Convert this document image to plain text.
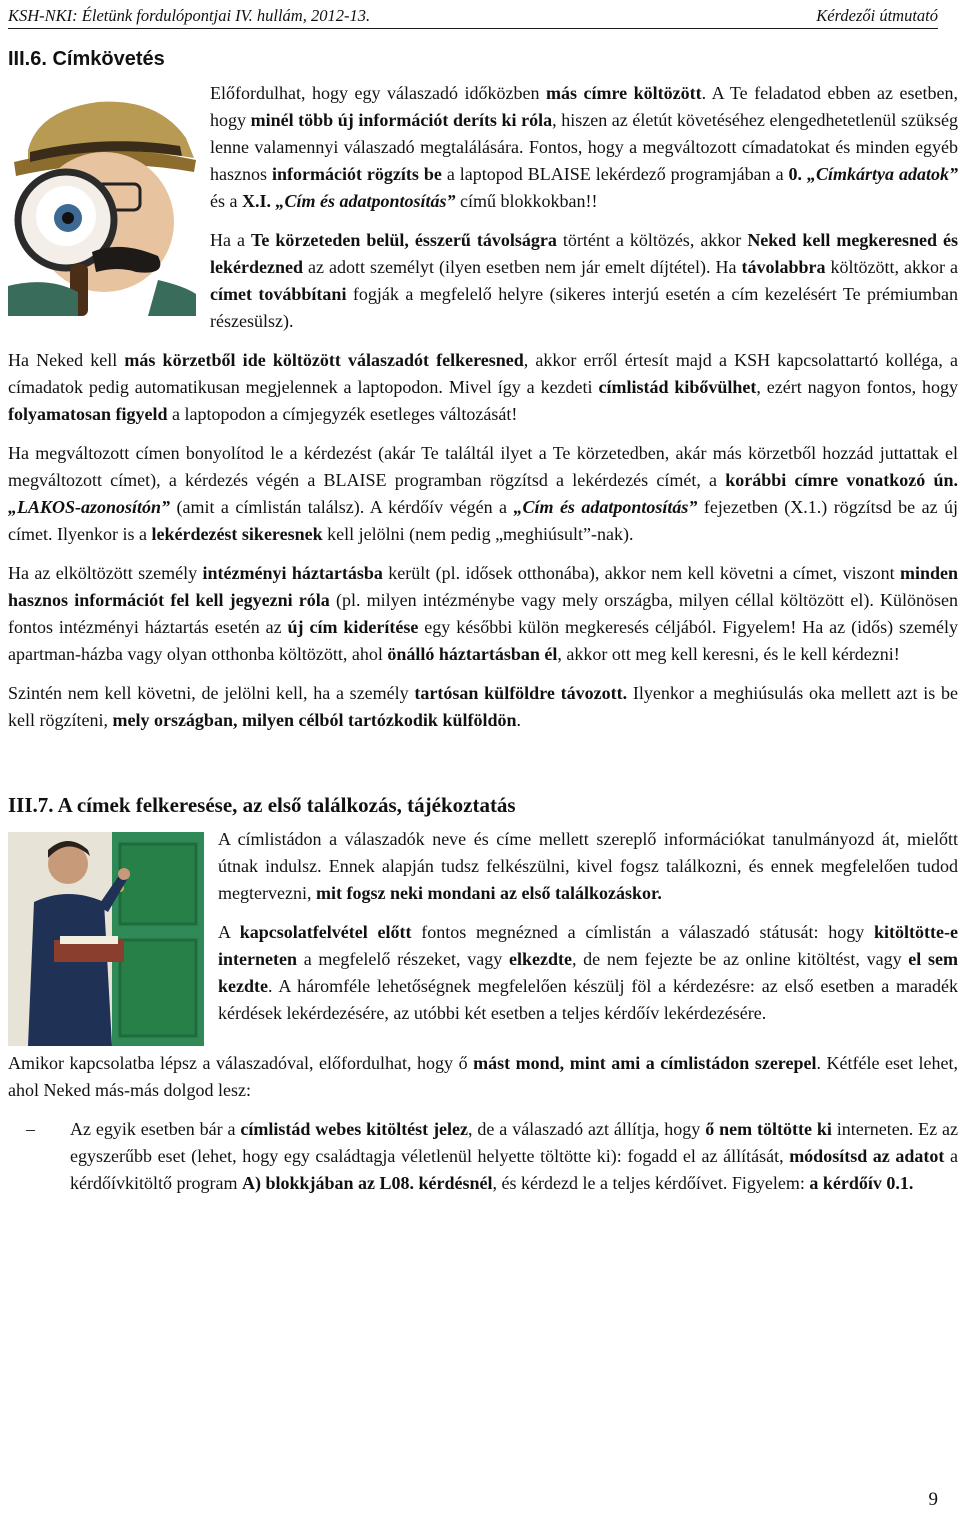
KSH-NKI: Életünk fordulópontjai IV. hullám, 2012-13.	Kérdezői útmutató
III.6. Címkövetés

Előfordulhat, hogy egy válaszadó időközben más címre költözött. A Te feladatod ebben az esetben, hogy minél több új információt deríts ki róla, hiszen az életút követéséhez elengedhetetlenül szükség lenne valamennyi válaszadó megtalálására. Fontos, hogy a megváltozott címadatokat és minden egyéb hasznos információt rögzíts be a laptopod BLAISE lekérdező programjában a 0. „Címkártya adatok” és a X.I. „Cím és adatpontosítás” című blokkokban!!

Ha a Te körzeteden belül, ésszerű távolságra történt a költözés, akkor Neked kell megkeresned és lekérdezned az adott személyt (ilyen esetben nem jár emelt díjtétel). Ha távolabbra költözött, akkor a címet továbbítani fogják a megfelelő helyre (sikeres interjú esetén a cím kezelésért Te prémiumban részesülsz).

Ha Neked kell más körzetből ide költözött válaszadót felkeresned, akkor erről értesít majd a KSH kapcsolattartó kolléga, a címadatok pedig automatikusan megjelennek a laptopodon. Mivel így a kezdeti címlistád kibővülhet, ezért nagyon fontos, hogy folyamatosan figyeld a laptopodon a címjegyzék esetleges változását!

Ha megváltozott címen bonyolítod le a kérdezést (akár Te találtál ilyet a Te körzetedben, akár más körzetből hozzád juttattak el megváltozott címet), a kérdezés végén a BLAISE programban rögzítsd a lekérdezés címét, a korábbi címre vonatkozó ún. „LAKOS-azonosítón” (amit a címlistán találsz). A kérdőív végén a „Cím és adatpontosítás” fejezetben (X.1.) rögzítsd be az új címet. Ilyenkor is a lekérdezést sikeresnek kell jelölni (nem pedig „meghiúsult”-nak).

Ha az elköltözött személy intézményi háztartásba került (pl. idősek otthonába), akkor nem kell követni a címet, viszont minden hasznos információt fel kell jegyezni róla (pl. milyen intézménybe vagy mely országba, milyen céllal költözött el). Különösen fontos intézményi háztartás esetén az új cím kiderítése egy későbbi külön megkeresés céljából. Figyelem! Ha az (idős) személy apartman-házba vagy olyan otthonba költözött, ahol önálló háztartásban él, akkor ott meg kell keresni, és le kell kérdezni!

Szintén nem kell követni, de jelölni kell, ha a személy tartósan külföldre távozott. Ilyenkor a meghiúsulás oka mellett azt is be kell rögzíteni, mely országban, milyen célból tartózkodik külföldön.

III.7. A címek felkeresése, az első találkozás, tájékoztatás

A címlistádon a válaszadók neve és címe mellett szereplő információkat tanulmányozd át, mielőtt útnak indulsz. Ennek alapján tudsz felkészülni, kivel fogsz találkozni, és ennek megfelelően tudod megtervezni, mit fogsz neki mondani az első találkozáskor.

A kapcsolatfelvétel előtt fontos megnézned a címlistán a válaszadó státusát: hogy kitöltötte-e interneten a megfelelő részeket, vagy elkezdte, de nem fejezte be az online kitöltést, vagy el sem kezdte. A háromféle lehetőségnek megfelelően készülj föl a kérdezésre: az első esetben a maradék kérdések lekérdezésére, az utóbbi két esetben a teljes kérdőív lekérdezésére.

Amikor kapcsolatba lépsz a válaszadóval, előfordulhat, hogy ő mást mond, mint ami a címlistádon szerepel. Kétféle eset lehet, ahol Neked más-más dolgod lesz:

– Az egyik esetben bár a címlistád webes kitöltést jelez, de a válaszadó azt állítja, hogy ő nem töltötte ki interneten. Ez az egyszerűbb eset (lehet, hogy egy családtagja véletlenül helyette töltötte ki): fogadd el az állítását, módosítsd az adatot a kérdőívkitöltő program A) blokkjában az L08. kérdésnél, és kérdezd le a teljes kérdőívet. Figyelem: a kérdőív 0.1.
9
